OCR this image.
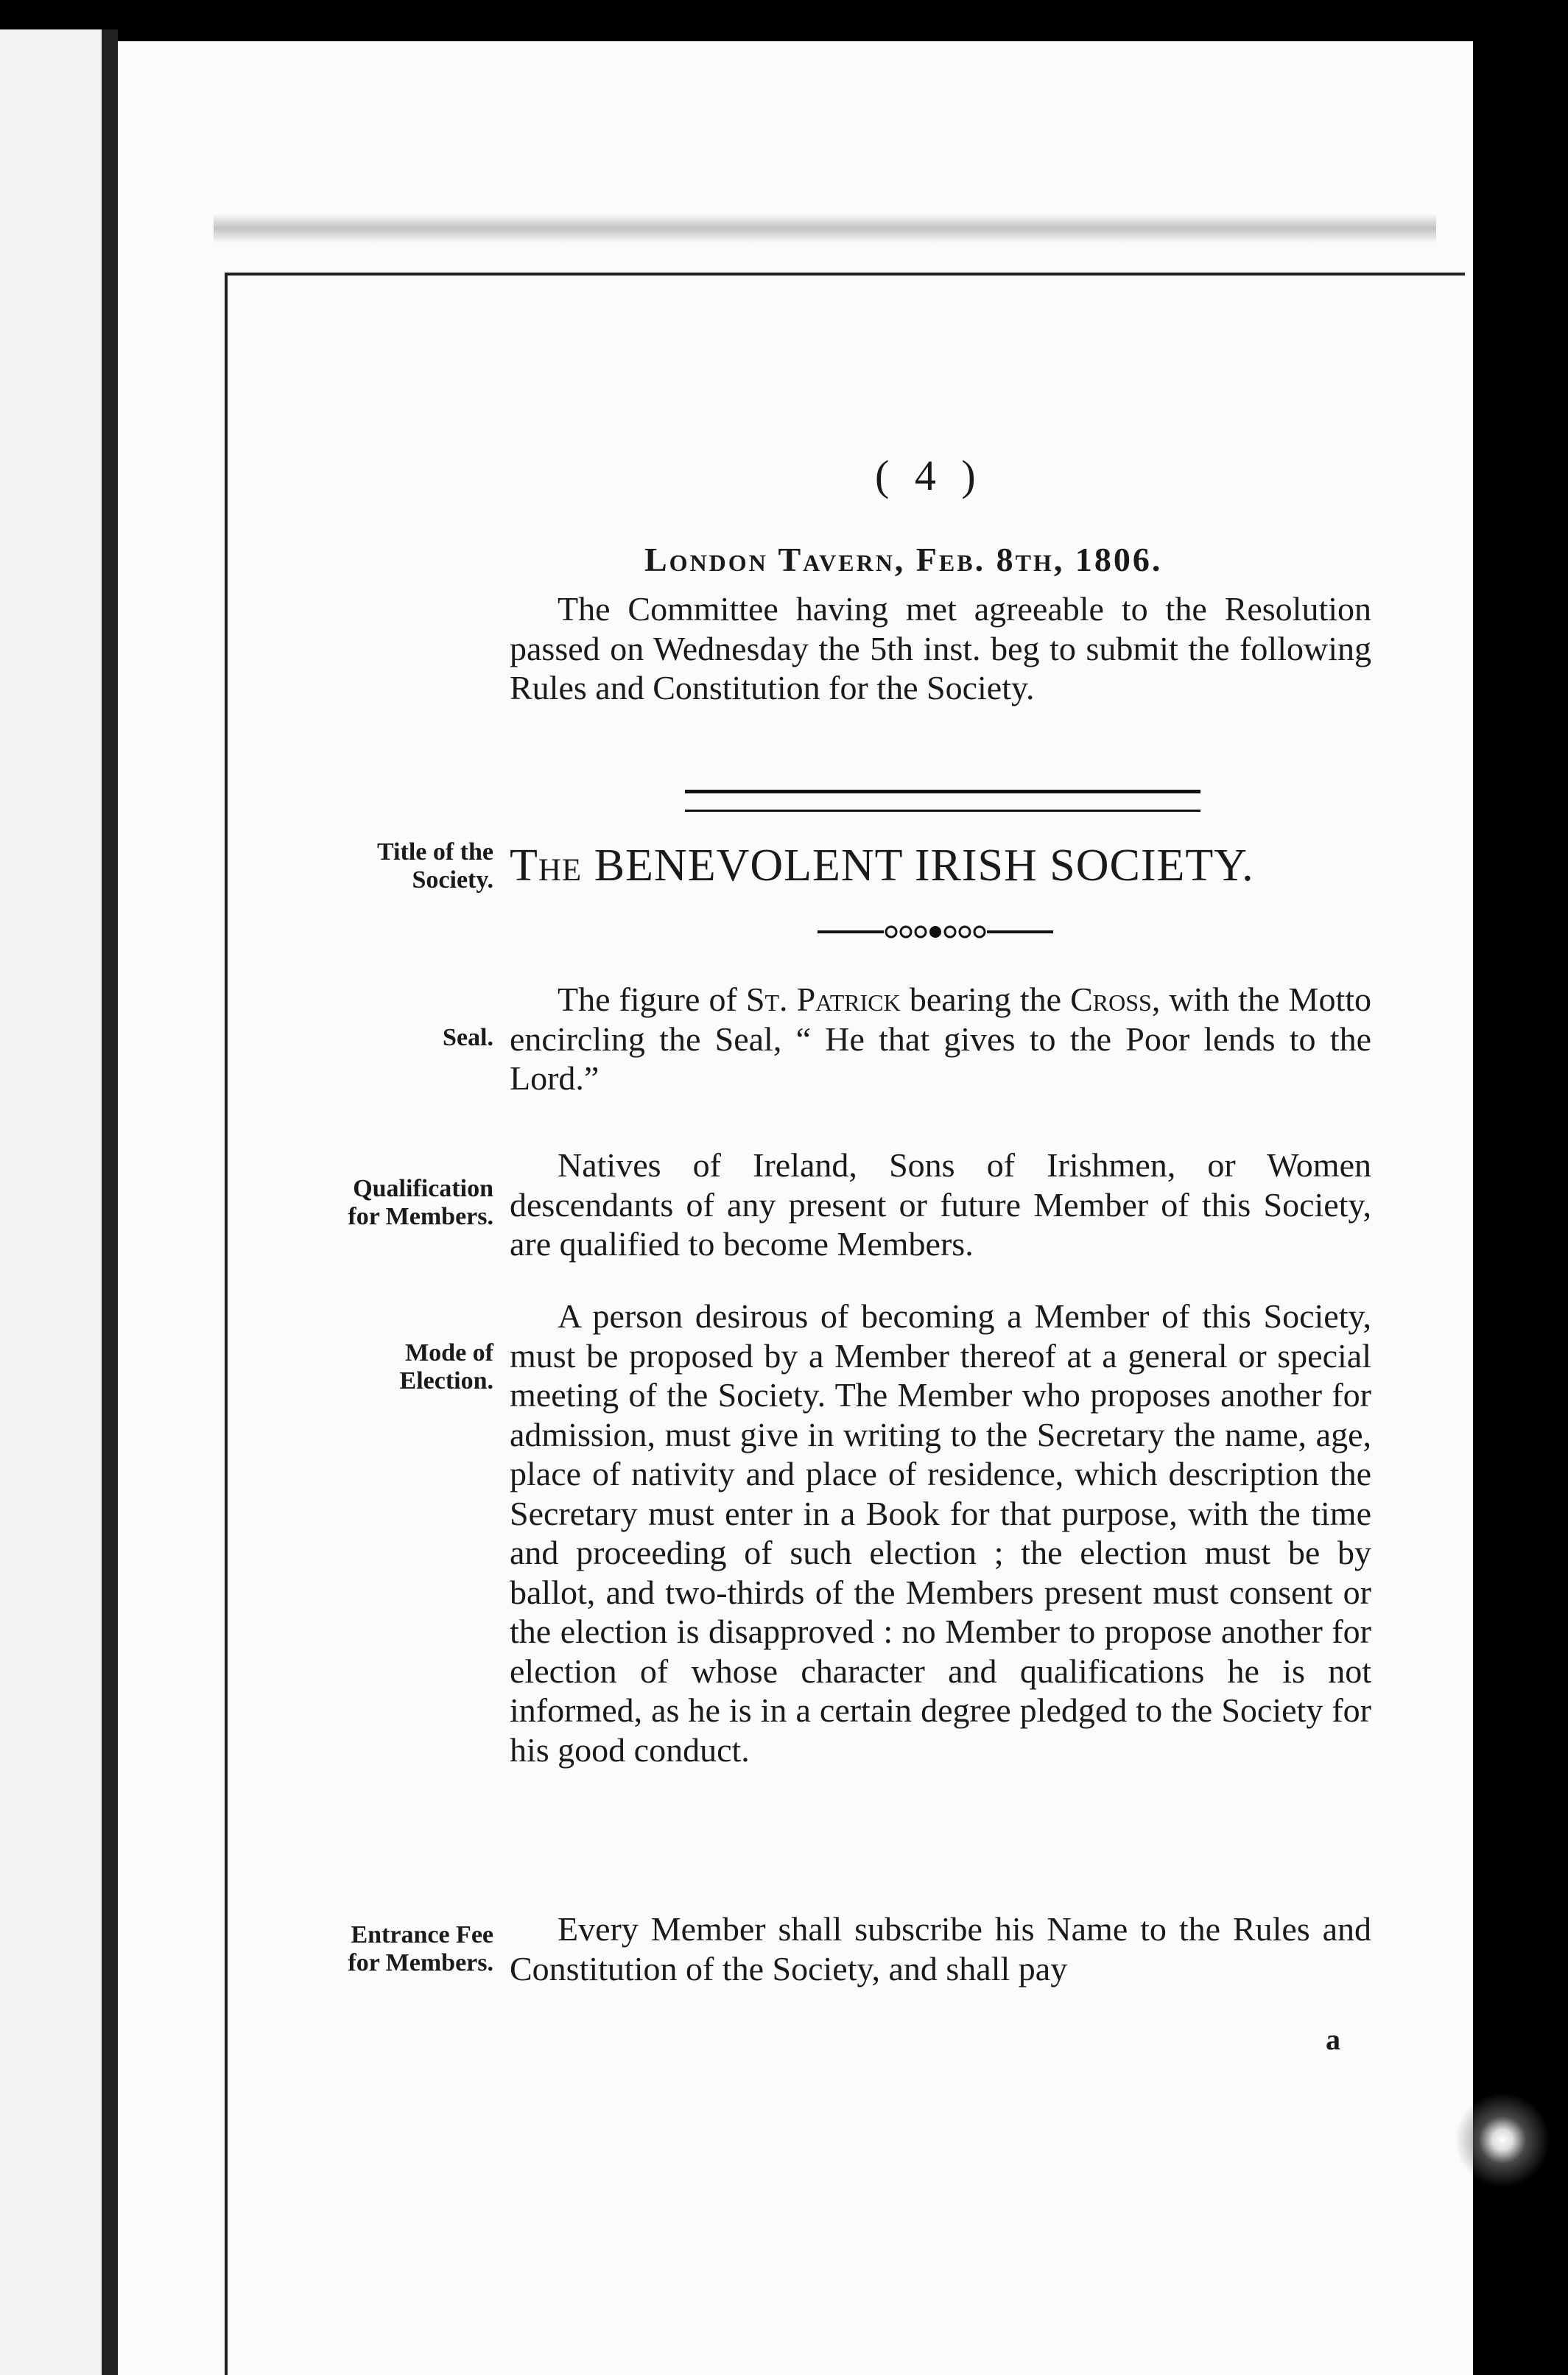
( 4 )
London Tavern, Feb. 8th, 1806.
The Committee having met agreeable to the Resolution passed on Wednesday the 5th inst. beg to submit the following Rules and Constitution for the Society.
Title of the Society. The BENEVOLENT IRISH SOCIETY.
Seal.
The figure of St. Patrick bearing the Cross, with the Motto encircling the Seal, “ He that gives to the Poor lends to the Lord.”
Qualification for Members.
Natives of Ireland, Sons of Irishmen, or Women descendants of any present or future Member of this Society, are qualified to become Members.
Mode of Election.
A person desirous of becoming a Member of this Society, must be proposed by a Member thereof at a general or special meeting of the Society. The Member who proposes another for admission, must give in writing to the Secretary the name, age, place of nativity and place of residence, which description the Secretary must enter in a Book for that purpose, with the time and proceeding of such election ; the election must be by ballot, and two-thirds of the Members present must consent or the election is disapproved : no Member to propose another for election of whose character and qualifications he is not informed, as he is in a certain degree pledged to the Society for his good conduct.
Entrance Fee for Members.
Every Member shall subscribe his Name to the Rules and Constitution of the Society, and shall pay
a
